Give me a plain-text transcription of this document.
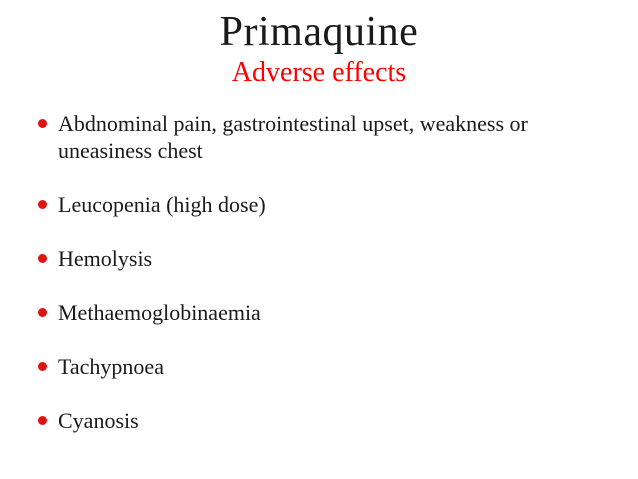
Primaquine
Adverse effects
Abdnominal pain, gastrointestinal upset, weakness or uneasiness chest
Leucopenia (high dose)
Hemolysis
Methaemoglobinaemia
Tachypnoea
Cyanosis
